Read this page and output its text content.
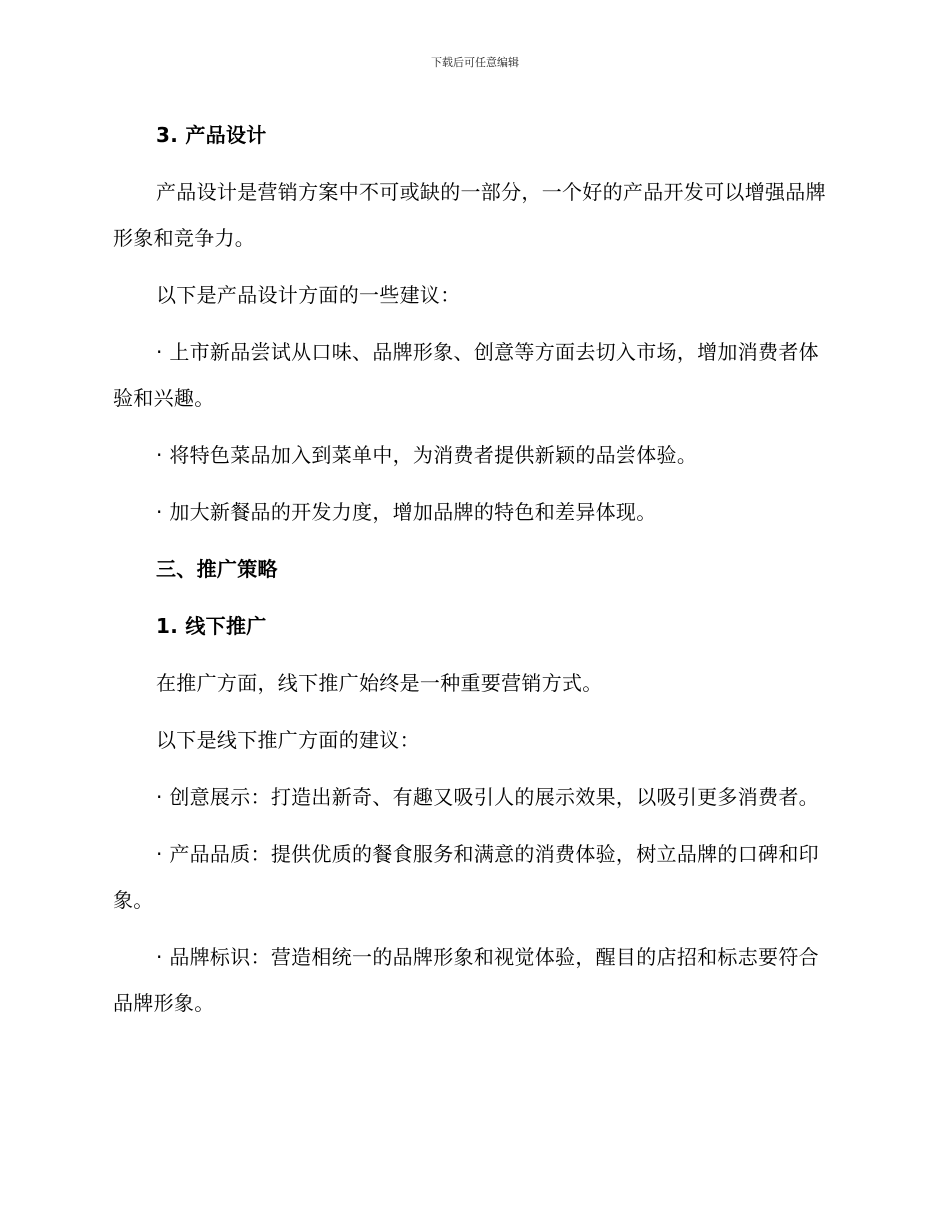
下载后可任意编辑

3. 产品设计

产品设计是营销方案中不可或缺的一部分，一个好的产品开发可以增强品牌形象和竞争力。

以下是产品设计方面的一些建议：

· 上市新品尝试从口味、品牌形象、创意等方面去切入市场，增加消费者体验和兴趣。

· 将特色菜品加入到菜单中，为消费者提供新颖的品尝体验。

· 加大新餐品的开发力度，增加品牌的特色和差异体现。

三、推广策略

1. 线下推广

在推广方面，线下推广始终是一种重要营销方式。

以下是线下推广方面的建议：

· 创意展示：打造出新奇、有趣又吸引人的展示效果，以吸引更多消费者。

· 产品品质：提供优质的餐食服务和满意的消费体验，树立品牌的口碑和印象。

· 品牌标识：营造相统一的品牌形象和视觉体验，醒目的店招和标志要符合品牌形象。
